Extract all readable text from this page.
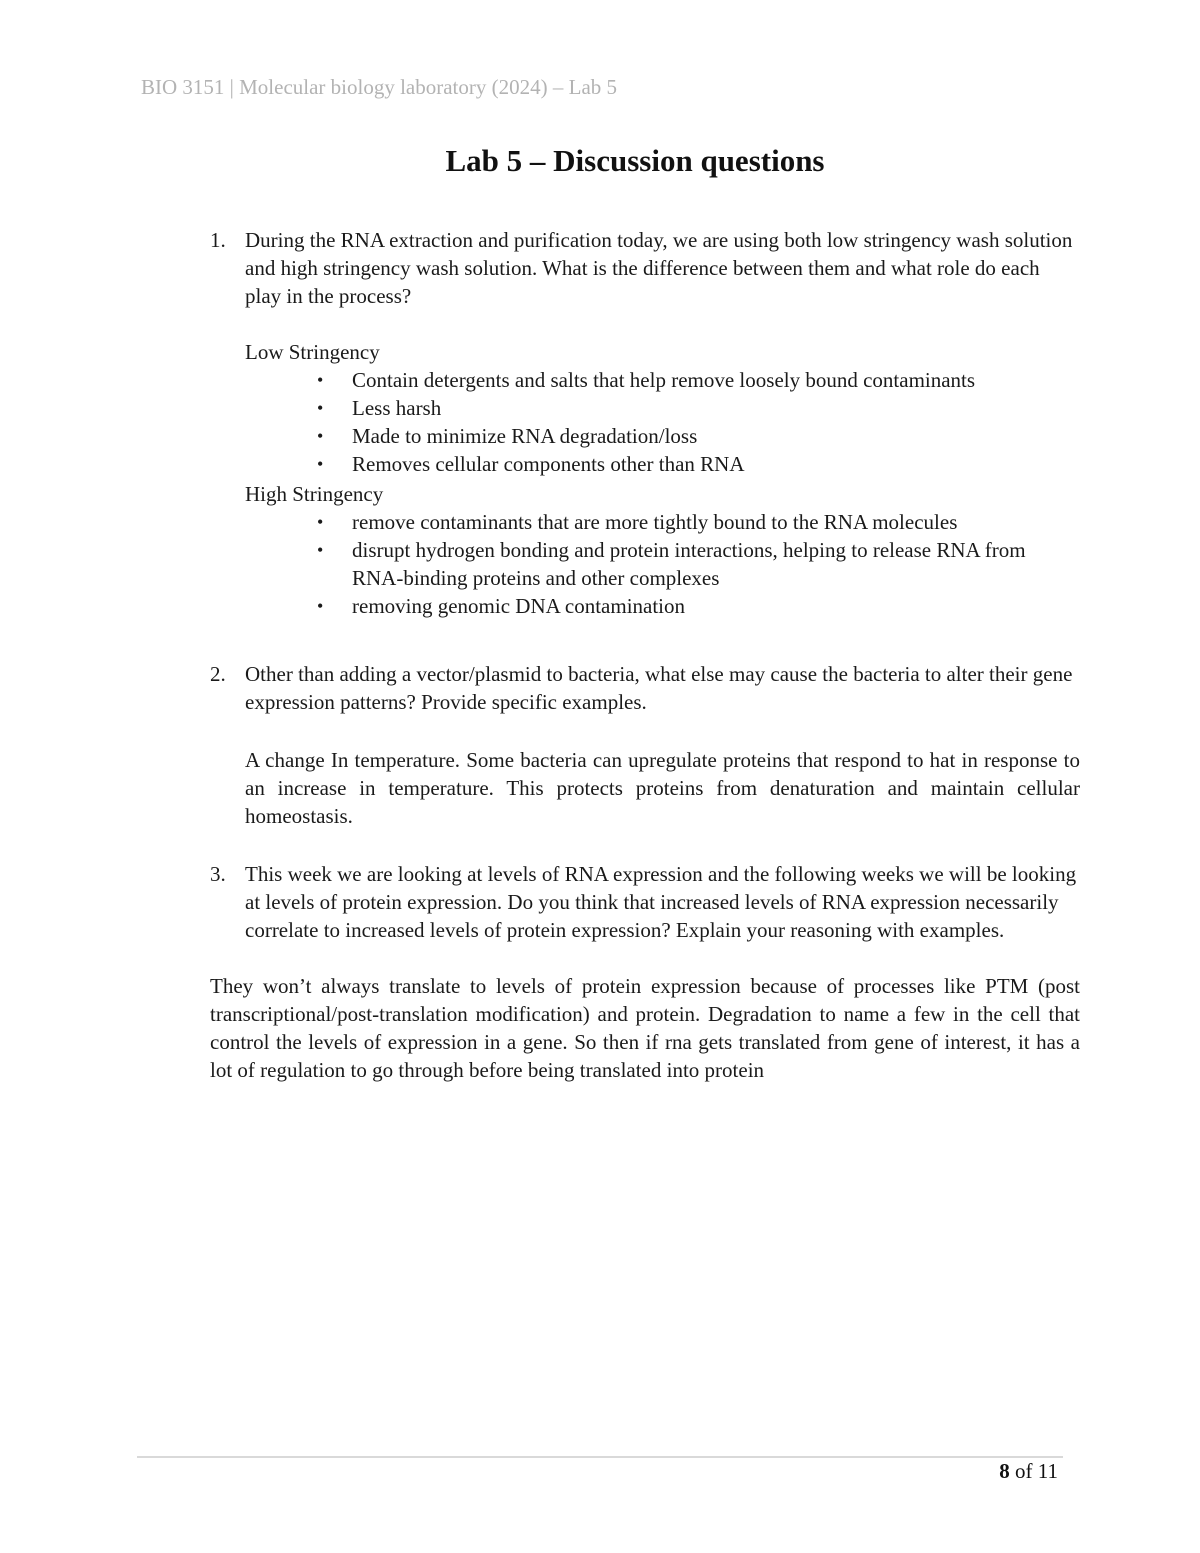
BIO 3151 | Molecular biology laboratory (2024) – Lab 5
Lab 5 – Discussion questions
1. During the RNA extraction and purification today, we are using both low stringency wash solution and high stringency wash solution. What is the difference between them and what role do each play in the process?
Low Stringency
• Contain detergents and salts that help remove loosely bound contaminants
• Less harsh
• Made to minimize RNA degradation/loss
• Removes cellular components other than RNA
High Stringency
• remove contaminants that are more tightly bound to the RNA molecules
• disrupt hydrogen bonding and protein interactions, helping to release RNA from RNA-binding proteins and other complexes
• removing genomic DNA contamination
2. Other than adding a vector/plasmid to bacteria, what else may cause the bacteria to alter their gene expression patterns? Provide specific examples.
A change In temperature. Some bacteria can upregulate proteins that respond to hat in response to an increase in temperature. This protects proteins from denaturation and maintain cellular homeostasis.
3. This week we are looking at levels of RNA expression and the following weeks we will be looking at levels of protein expression. Do you think that increased levels of RNA expression necessarily correlate to increased levels of protein expression? Explain your reasoning with examples.
They won’t always translate to levels of protein expression because of processes like PTM (post transcriptional/post-translation modification) and protein. Degradation to name a few in the cell that control the levels of expression in a gene. So then if rna gets translated from gene of interest, it has a lot of regulation to go through before being translated into protein
8 of 11
